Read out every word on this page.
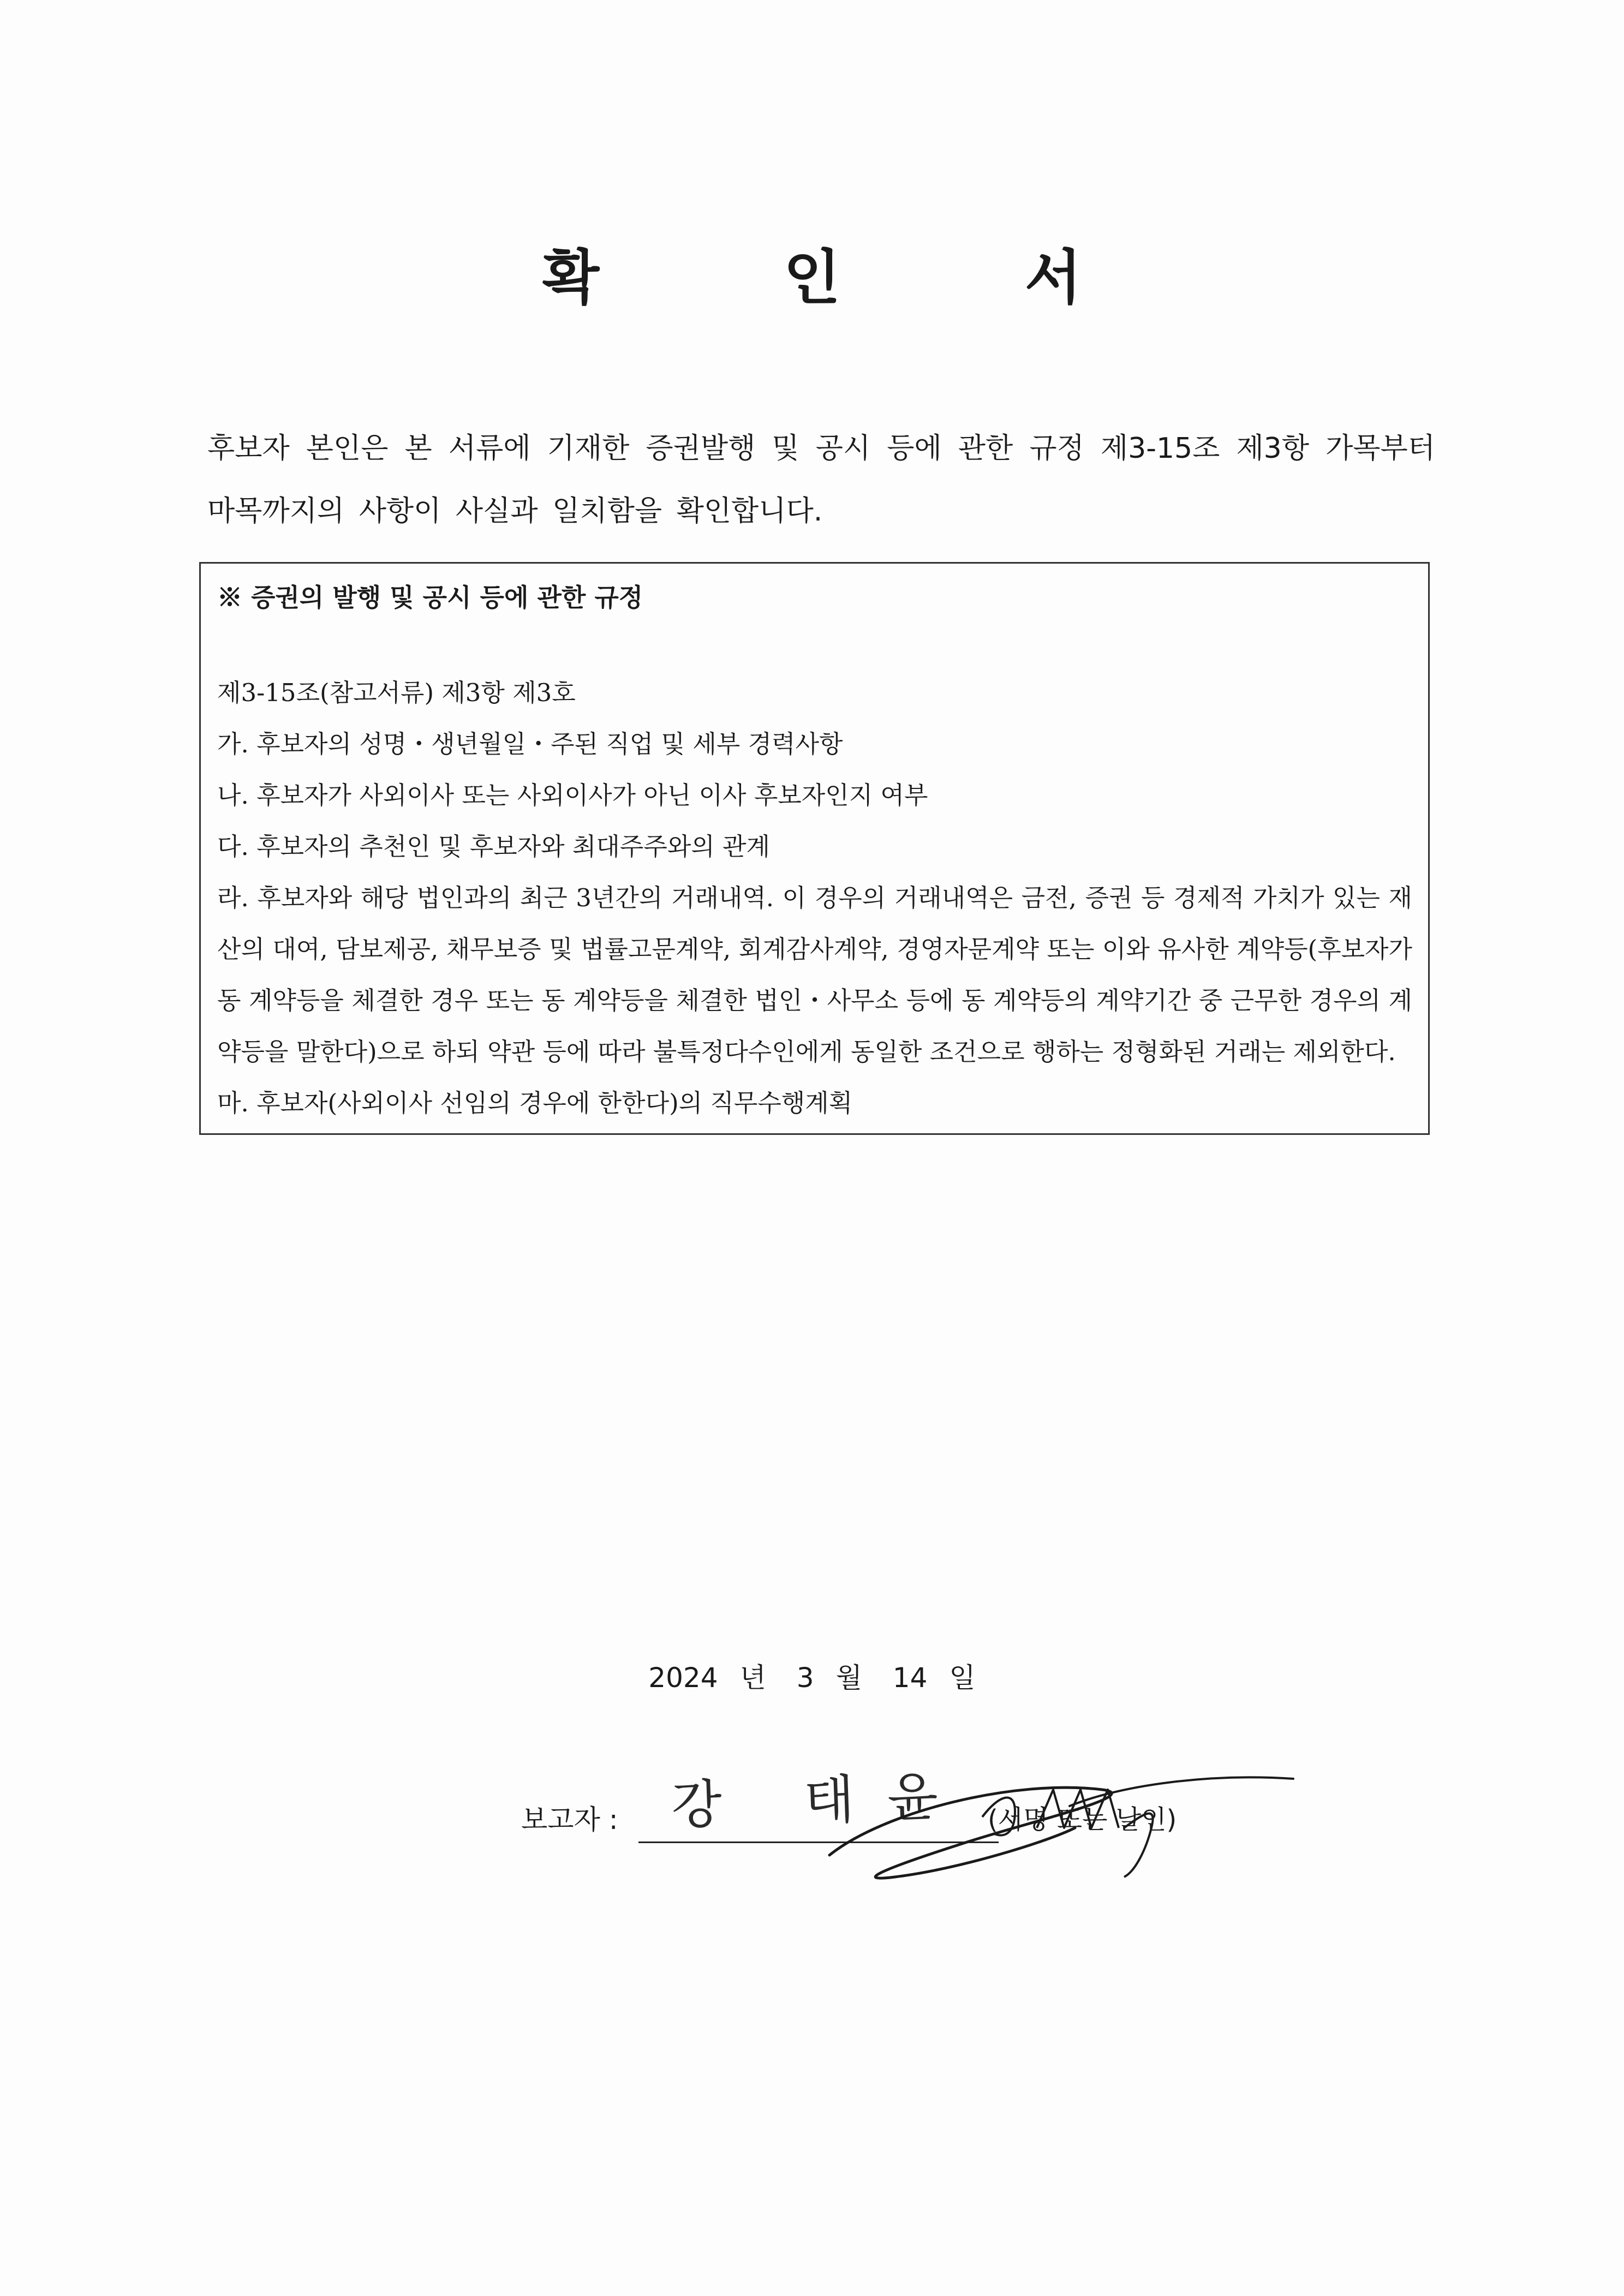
확 인 서
후보자 본인은 본 서류에 기재한 증권발행 및 공시 등에 관한 규정 제3-15조 제3항 가목부터 마목까지의 사항이 사실과 일치함을 확인합니다.
※ 증권의 발행 및 공시 등에 관한 규정
제3-15조(참고서류) 제3항 제3호
가. 후보자의 성명・생년월일・주된 직업 및 세부 경력사항
나. 후보자가 사외이사 또는 사외이사가 아닌 이사 후보자인지 여부
다. 후보자의 추천인 및 후보자와 최대주주와의 관계
라. 후보자와 해당 법인과의 최근 3년간의 거래내역. 이 경우의 거래내역은 금전, 증권 등 경제적 가치가 있는 재산의 대여, 담보제공, 채무보증 및 법률고문계약, 회계감사계약, 경영자문계약 또는 이와 유사한 계약등(후보자가 동 계약등을 체결한 경우 또는 동 계약등을 체결한 법인・사무소 등에 동 계약등의 계약기간 중 근무한 경우의 계약등을 말한다)으로 하되 약관 등에 따라 불특정다수인에게 동일한 조건으로 행하는 정형화된 거래는 제외한다.
마. 후보자(사외이사 선임의 경우에 한한다)의 직무수행계획
2024 년 3 월 14 일
보고자 : 강 태윤 (서명 또는 날인)
